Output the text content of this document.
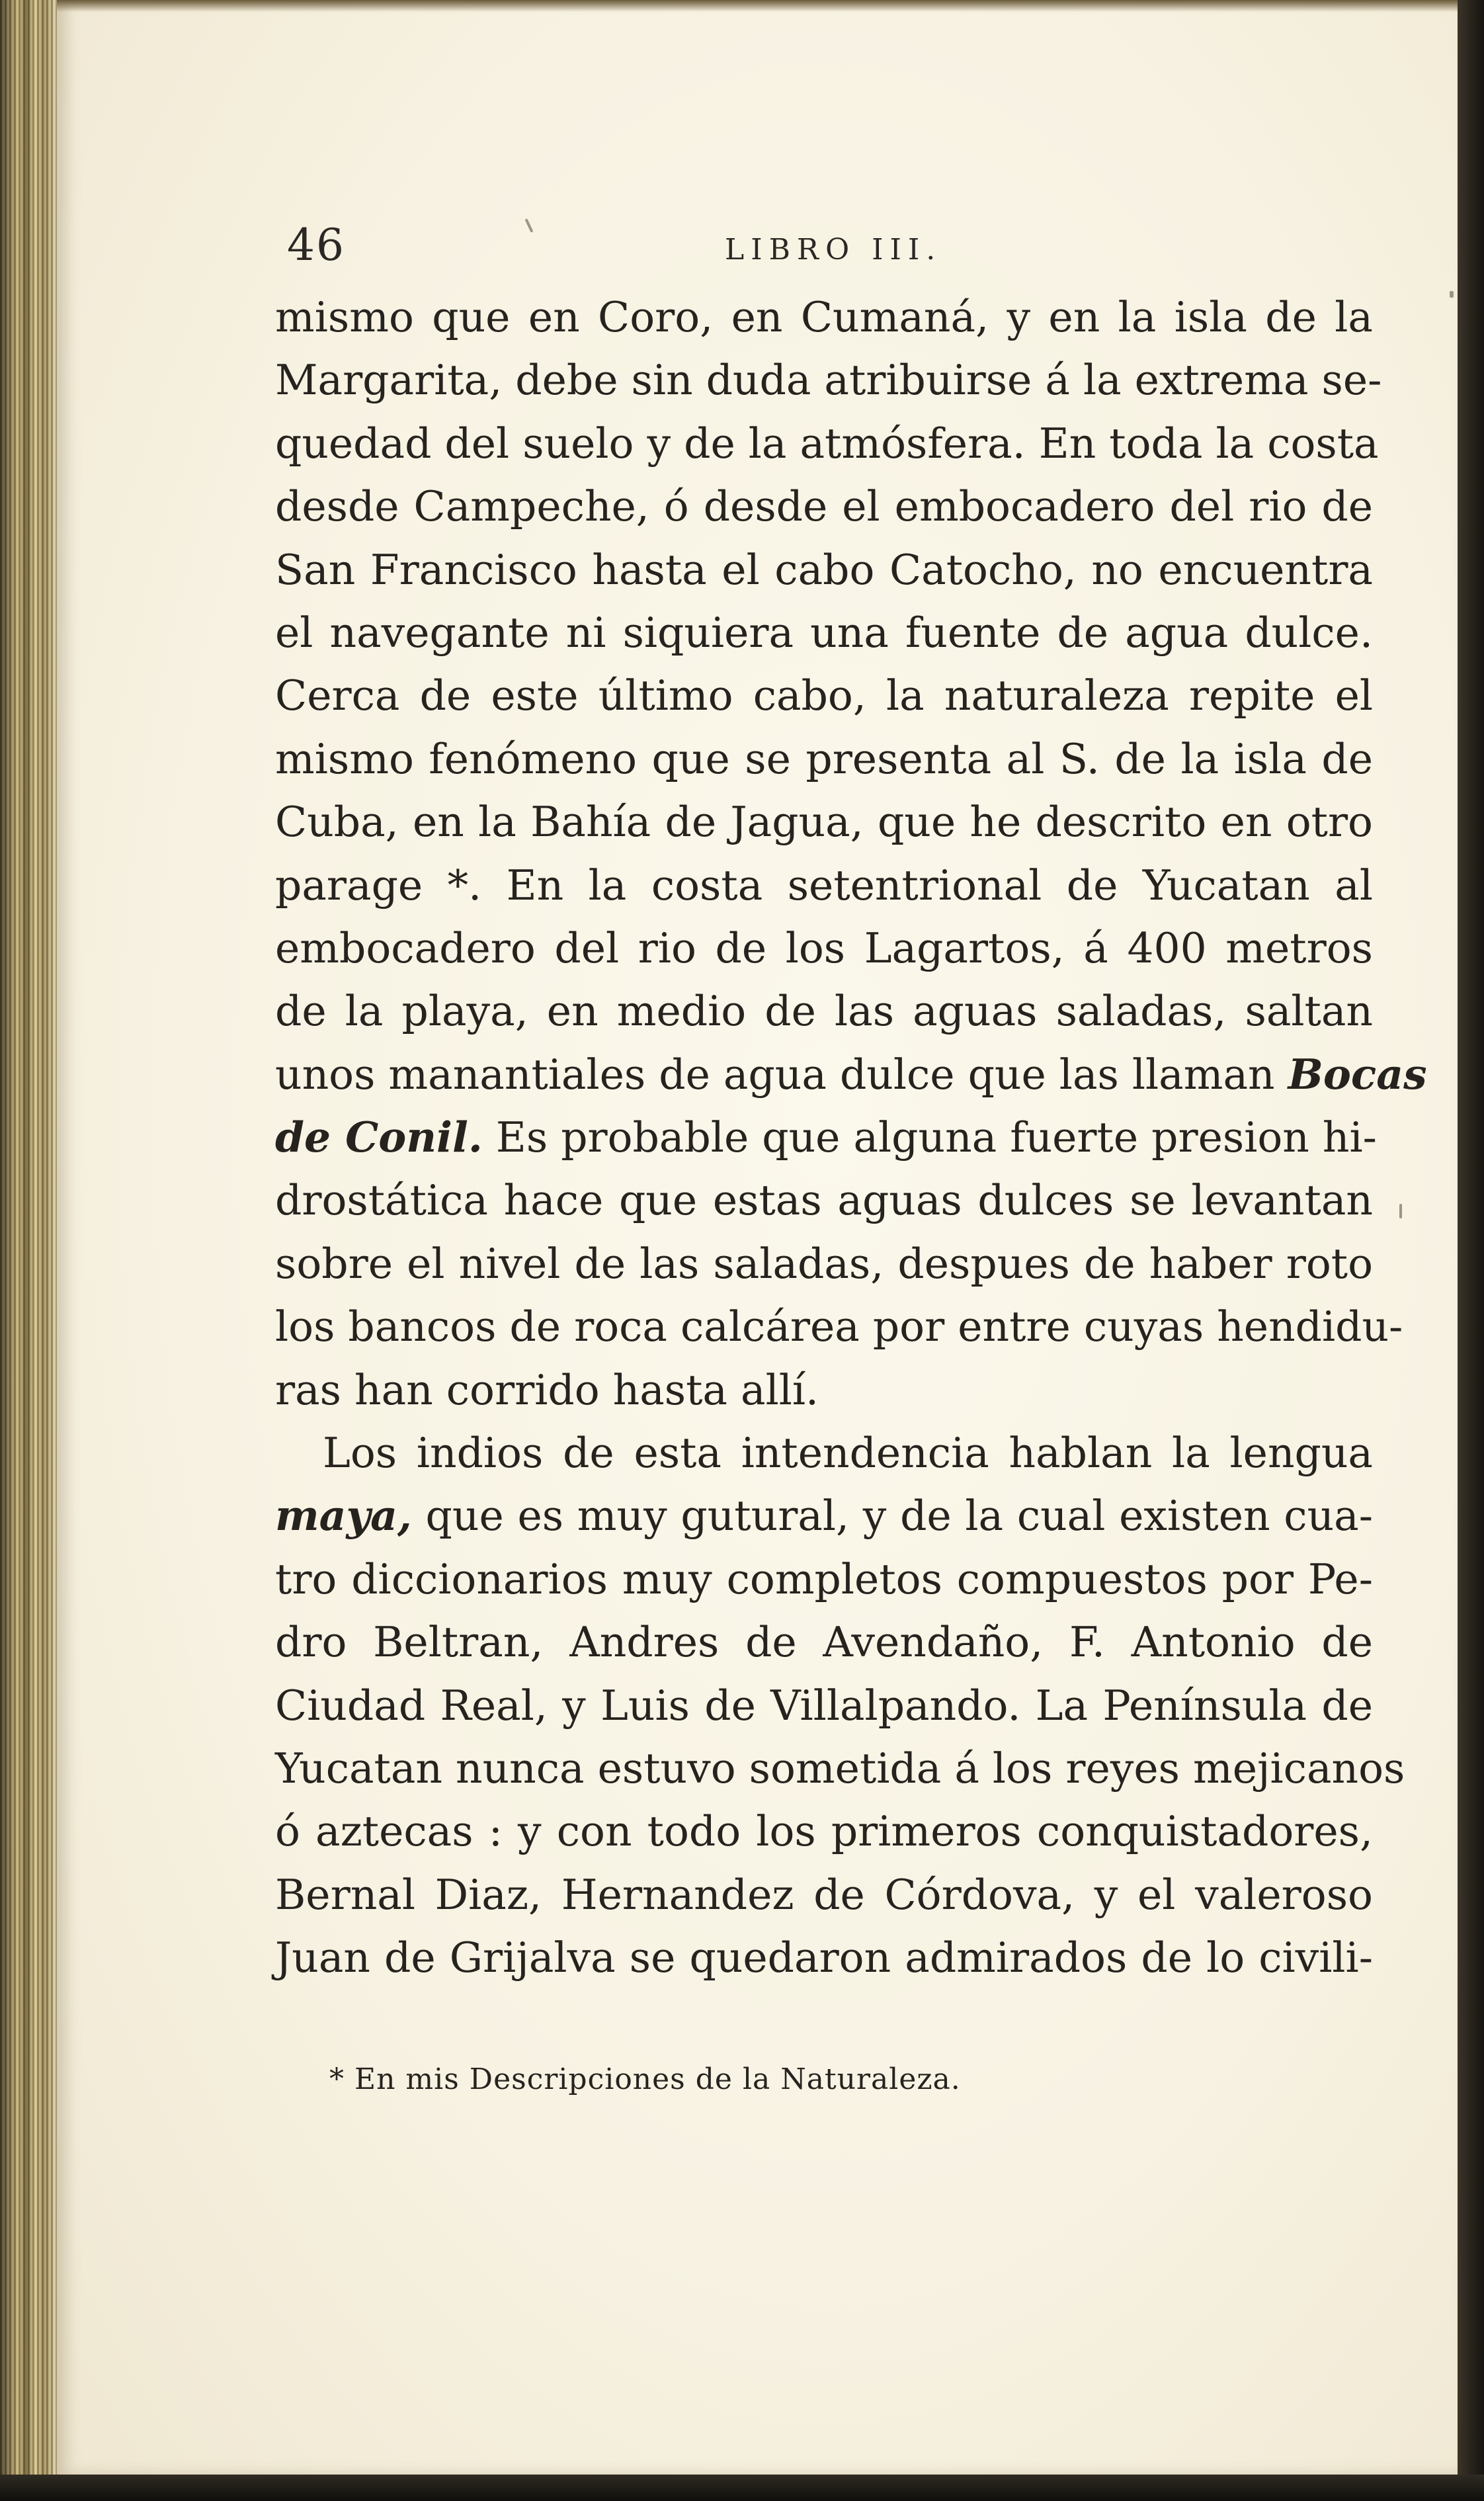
46	LIBRO III.
mismo que en Coro, en Cumaná, y en la isla de la
Margarita, debe sin duda atribuirse á la extrema se-
quedad del suelo y de la atmósfera. En toda la costa
desde Campeche, ó desde el embocadero del rio de
San Francisco hasta el cabo Catocho, no encuentra
el navegante ni siquiera una fuente de agua dulce.
Cerca de este último cabo, la naturaleza repite el
mismo fenómeno que se presenta al S. de la isla de
Cuba, en la Bahía de Jagua, que he descrito en otro
parage *. En la costa setentrional de Yucatan al
embocadero del rio de los Lagartos, á 400 metros
de la playa, en medio de las aguas saladas, saltan
unos manantiales de agua dulce que las llaman Bocas
de Conil. Es probable que alguna fuerte presion hi-
drostática hace que estas aguas dulces se levantan
sobre el nivel de las saladas, despues de haber roto
los bancos de roca calcárea por entre cuyas hendidu-
ras han corrido hasta allí.
Los indios de esta intendencia hablan la lengua
maya, que es muy gutural, y de la cual existen cua-
tro diccionarios muy completos compuestos por Pe-
dro Beltran, Andres de Avendaño, F. Antonio de
Ciudad Real, y Luis de Villalpando. La Península de
Yucatan nunca estuvo sometida á los reyes mejicanos
ó aztecas : y con todo los primeros conquistadores,
Bernal Diaz, Hernandez de Córdova, y el valeroso
Juan de Grijalva se quedaron admirados de lo civili-
* En mis Descripciones de la Naturaleza.
